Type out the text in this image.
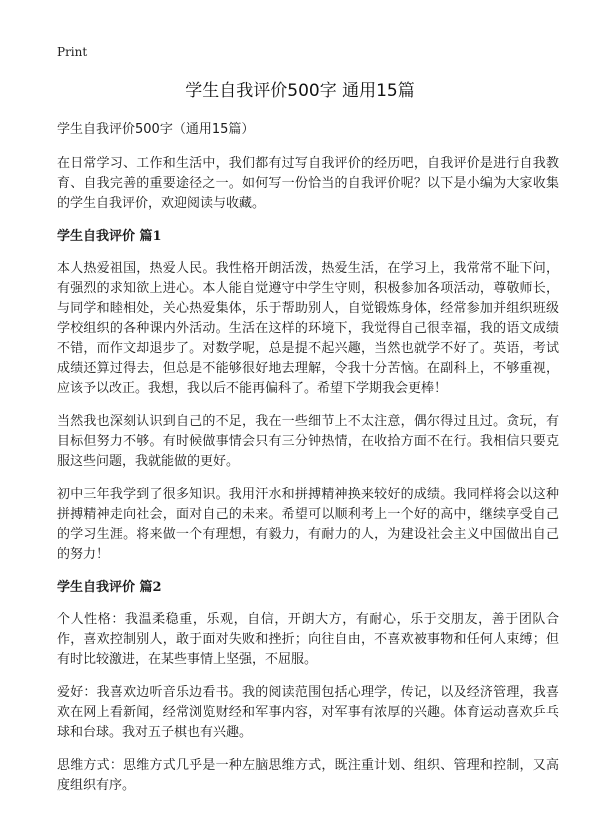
Print
学生自我评价500字 通用15篇

学生自我评价500字（通用15篇）

在日常学习、工作和生活中，我们都有过写自我评价的经历吧，自我评价是进行自我教育、自我完善的重要途径之一。如何写一份恰当的自我评价呢？以下是小编为大家收集的学生自我评价，欢迎阅读与收藏。

学生自我评价 篇1

本人热爱祖国，热爱人民。我性格开朗活泼，热爱生活，在学习上，我常常不耻下问，有强烈的求知欲上进心。本人能自觉遵守中学生守则，积极参加各项活动，尊敬师长，与同学和睦相处，关心热爱集体，乐于帮助别人，自觉锻炼身体，经常参加并组织班级学校组织的各种课内外活动。生活在这样的环境下，我觉得自己很幸福，我的语文成绩不错，而作文却退步了。对数学呢，总是提不起兴趣，当然也就学不好了。英语，考试成绩还算过得去，但总是不能够很好地去理解，令我十分苦恼。在副科上，不够重视，应该予以改正。我想，我以后不能再偏科了。希望下学期我会更棒！

当然我也深刻认识到自己的不足，我在一些细节上不太注意，偶尔得过且过。贪玩，有目标但努力不够。有时候做事情会只有三分钟热情，在收拾方面不在行。我相信只要克服这些问题，我就能做的更好。

初中三年我学到了很多知识。我用汗水和拼搏精神换来较好的成绩。我同样将会以这种拼搏精神走向社会，面对自己的未来。希望可以顺利考上一个好的高中，继续享受自己的学习生涯。将来做一个有理想，有毅力，有耐力的人，为建设社会主义中国做出自己的努力！

学生自我评价 篇2

个人性格：我温柔稳重，乐观，自信，开朗大方，有耐心，乐于交朋友，善于团队合作，喜欢控制别人，敢于面对失败和挫折；向往自由，不喜欢被事物和任何人束缚；但有时比较激进，在某些事情上坚强，不屈服。

爱好：我喜欢边听音乐边看书。我的阅读范围包括心理学，传记，以及经济管理，我喜欢在网上看新闻，经常浏览财经和军事内容，对军事有浓厚的兴趣。体育运动喜欢乒乓球和台球。我对五子棋也有兴趣。

思维方式：思维方式几乎是一种左脑思维方式，既注重计划、组织、管理和控制，又高度组织有序。
